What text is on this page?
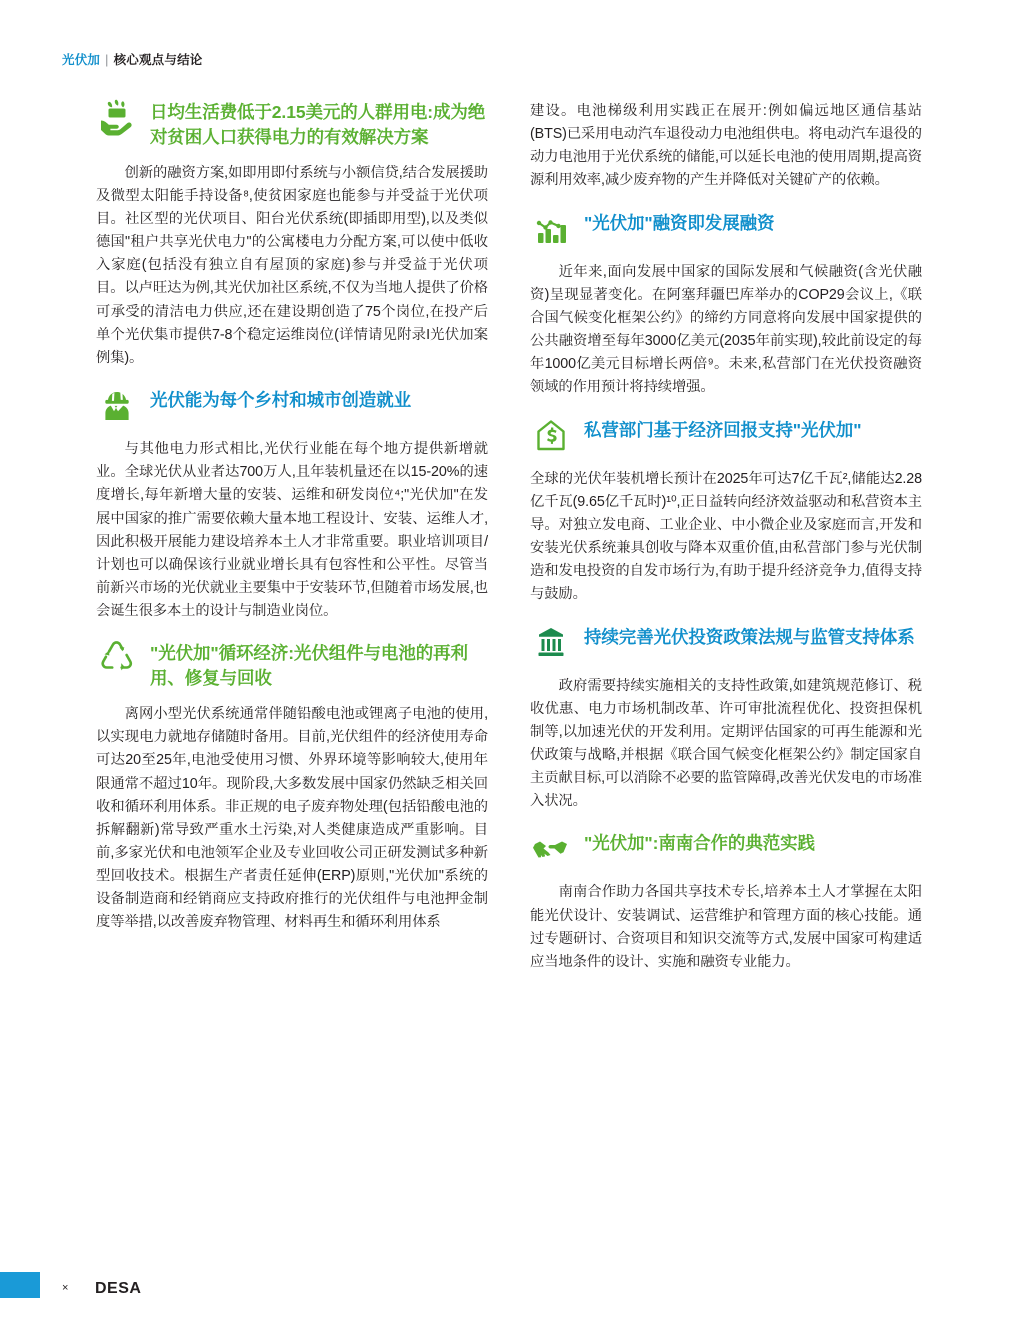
光伏加 | 核心观点与结论
日均生活费低于2.15美元的人群用电:成为绝对贫困人口获得电力的有效解决方案

创新的融资方案,如即用即付系统与小额信贷,结合发展援助及微型太阳能手持设备⁸,使贫困家庭也能参与并受益于光伏项目。社区型的光伏项目、阳台光伏系统(即插即用型),以及类似德国"租户共享光伏电力"的公寓楼电力分配方案,可以使中低收入家庭(包括没有独立自有屋顶的家庭)参与并受益于光伏项目。以卢旺达为例,其光伏加社区系统,不仅为当地人提供了价格可承受的清洁电力供应,还在建设期创造了75个岗位,在投产后单个光伏集市提供7-8个稳定运维岗位(详情请见附录I光伏加案例集)。

光伏能为每个乡村和城市创造就业

与其他电力形式相比,光伏行业能在每个地方提供新增就业。全球光伏从业者达700万人,且年装机量还在以15-20%的速度增长,每年新增大量的安装、运维和研发岗位⁴;"光伏加"在发展中国家的推广需要依赖大量本地工程设计、安装、运维人才,因此积极开展能力建设培养本土人才非常重要。职业培训项目/计划也可以确保该行业就业增长具有包容性和公平性。尽管当前新兴市场的光伏就业主要集中于安装环节,但随着市场发展,也会诞生很多本土的设计与制造业岗位。

"光伏加"循环经济:光伏组件与电池的再利用、修复与回收

离网小型光伏系统通常伴随铅酸电池或锂离子电池的使用,以实现电力就地存储随时备用。目前,光伏组件的经济使用寿命可达20至25年,电池受使用习惯、外界环境等影响较大,使用年限通常不超过10年。现阶段,大多数发展中国家仍然缺乏相关回收和循环利用体系。非正规的电子废弃物处理(包括铅酸电池的拆解翻新)常导致严重水土污染,对人类健康造成严重影响。目前,多家光伏和电池领军企业及专业回收公司正研发测试多种新型回收技术。根据生产者责任延伸(ERP)原则,"光伏加"系统的设备制造商和经销商应支持政府推行的光伏组件与电池押金制度等举措,以改善废弃物管理、材料再生和循环利用体系

建设。电池梯级利用实践正在展开:例如偏远地区通信基站(BTS)已采用电动汽车退役动力电池组供电。将电动汽车退役的动力电池用于光伏系统的储能,可以延长电池的使用周期,提高资源利用效率,减少废弃物的产生并降低对关键矿产的依赖。

"光伏加"融资即发展融资

近年来,面向发展中国家的国际发展和气候融资(含光伏融资)呈现显著变化。在阿塞拜疆巴库举办的COP29会议上,《联合国气候变化框架公约》的缔约方同意将向发展中国家提供的公共融资增至每年3000亿美元(2035年前实现),较此前设定的每年1000亿美元目标增长两倍⁹。未来,私营部门在光伏投资融资领域的作用预计将持续增强。

私营部门基于经济回报支持"光伏加"

全球的光伏年装机增长预计在2025年可达7亿千瓦²,储能达2.28亿千瓦(9.65亿千瓦时)¹⁰,正日益转向经济效益驱动和私营资本主导。对独立发电商、工业企业、中小微企业及家庭而言,开发和安装光伏系统兼具创收与降本双重价值,由私营部门参与光伏制造和发电投资的自发市场行为,有助于提升经济竞争力,值得支持与鼓励。

持续完善光伏投资政策法规与监管支持体系

政府需要持续实施相关的支持性政策,如建筑规范修订、税收优惠、电力市场机制改革、许可审批流程优化、投资担保机制等,以加速光伏的开发利用。定期评估国家的可再生能源和光伏政策与战略,并根据《联合国气候变化框架公约》制定国家自主贡献目标,可以消除不必要的监管障碍,改善光伏发电的市场准入状况。

"光伏加":南南合作的典范实践

南南合作助力各国共享技术专长,培养本土人才掌握在太阳能光伏设计、安装调试、运营维护和管理方面的核心技能。通过专题研讨、合资项目和知识交流等方式,发展中国家可构建适应当地条件的设计、实施和融资专业能力。

× DESA
